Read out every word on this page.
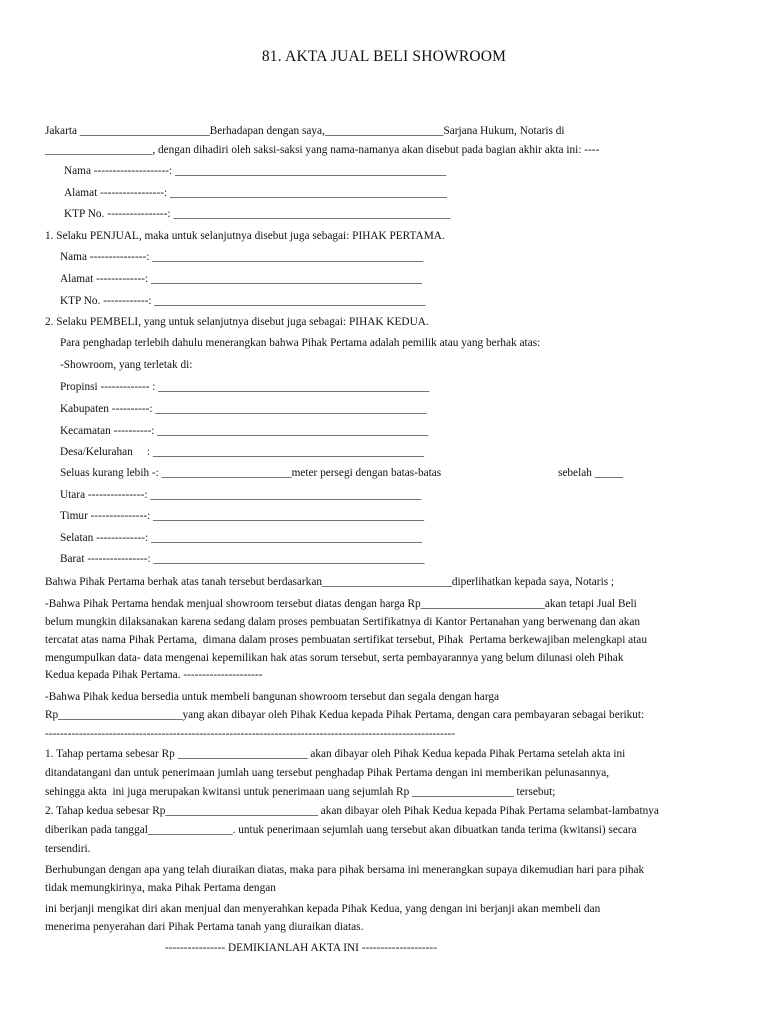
81. AKTA JUAL BELI SHOWROOM
Jakarta _______________________Berhadapan dengan saya,_____________________Sarjana Hukum, Notaris di
___________________, dengan dihadiri oleh saksi-saksi yang nama-namanya akan disebut pada bagian akhir akta ini: ----
Nama --------------------: ________________________________________________
Alamat -----------------: _________________________________________________
KTP No. ----------------: _________________________________________________
1. Selaku PENJUAL, maka untuk selanjutnya disebut juga sebagai: PIHAK PERTAMA.
Nama ---------------: ________________________________________________
Alamat -------------: ________________________________________________
KTP No. ------------: ________________________________________________
2. Selaku PEMBELI, yang untuk selanjutnya disebut juga sebagai: PIHAK KEDUA.
Para penghadap terlebih dahulu menerangkan bahwa Pihak Pertama adalah pemilik atau yang berhak atas:
-Showroom, yang terletak di:
Propinsi ------------- : ________________________________________________
Kabupaten ----------: ________________________________________________
Kecamatan ----------: ________________________________________________
Desa/Kelurahan     : ________________________________________________
Seluas kurang lebih -: _______________________meter persegi dengan batas-batas	sebelah _____
Utara ---------------: ________________________________________________
Timur ---------------: ________________________________________________
Selatan -------------: ________________________________________________
Barat ----------------: ________________________________________________
Bahwa Pihak Pertama berhak atas tanah tersebut berdasarkan_______________________diperlihatkan kepada saya, Notaris ;
-Bahwa Pihak Pertama hendak menjual showroom tersebut diatas dengan harga Rp______________________akan tetapi Jual Beli
belum mungkin dilaksanakan karena sedang dalam proses pembuatan Sertifikatnya di Kantor Pertanahan yang berwenang dan akan
tercatat atas nama Pihak Pertama,  dimana dalam proses pembuatan sertifikat tersebut, Pihak  Pertama berkewajiban melengkapi atau
mengumpulkan data- data mengenai kepemilikan hak atas sorum tersebut, serta pembayarannya yang belum dilunasi oleh Pihak
Kedua kepada Pihak Pertama. ---------------------
-Bahwa Pihak kedua bersedia untuk membeli bangunan showroom tersebut dan segala dengan harga
Rp______________________yang akan dibayar oleh Pihak Kedua kepada Pihak Pertama, dengan cara pembayaran sebagai berikut:
-------------------------------------------------------------------------------------------------------------
1. Tahap pertama sebesar Rp _______________________ akan dibayar oleh Pihak Kedua kepada Pihak Pertama setelah akta ini
ditandatangani dan untuk penerimaan jumlah uang tersebut penghadap Pihak Pertama dengan ini memberikan pelunasannya,
sehingga akta  ini juga merupakan kwitansi untuk penerimaan uang sejumlah Rp __________________ tersebut;
2. Tahap kedua sebesar Rp___________________________ akan dibayar oleh Pihak Kedua kepada Pihak Pertama selambat-lambatnya
diberikan pada tanggal_______________. untuk penerimaan sejumlah uang tersebut akan dibuatkan tanda terima (kwitansi) secara
tersendiri.
Berhubungan dengan apa yang telah diuraikan diatas, maka para pihak bersama ini menerangkan supaya dikemudian hari para pihak
tidak memungkirinya, maka Pihak Pertama dengan
ini berjanji mengikat diri akan menjual dan menyerahkan kepada Pihak Kedua, yang dengan ini berjanji akan membeli dan
menerima penyerahan dari Pihak Pertama tanah yang diuraikan diatas.
---------------- DEMIKIANLAH AKTA INI --------------------
